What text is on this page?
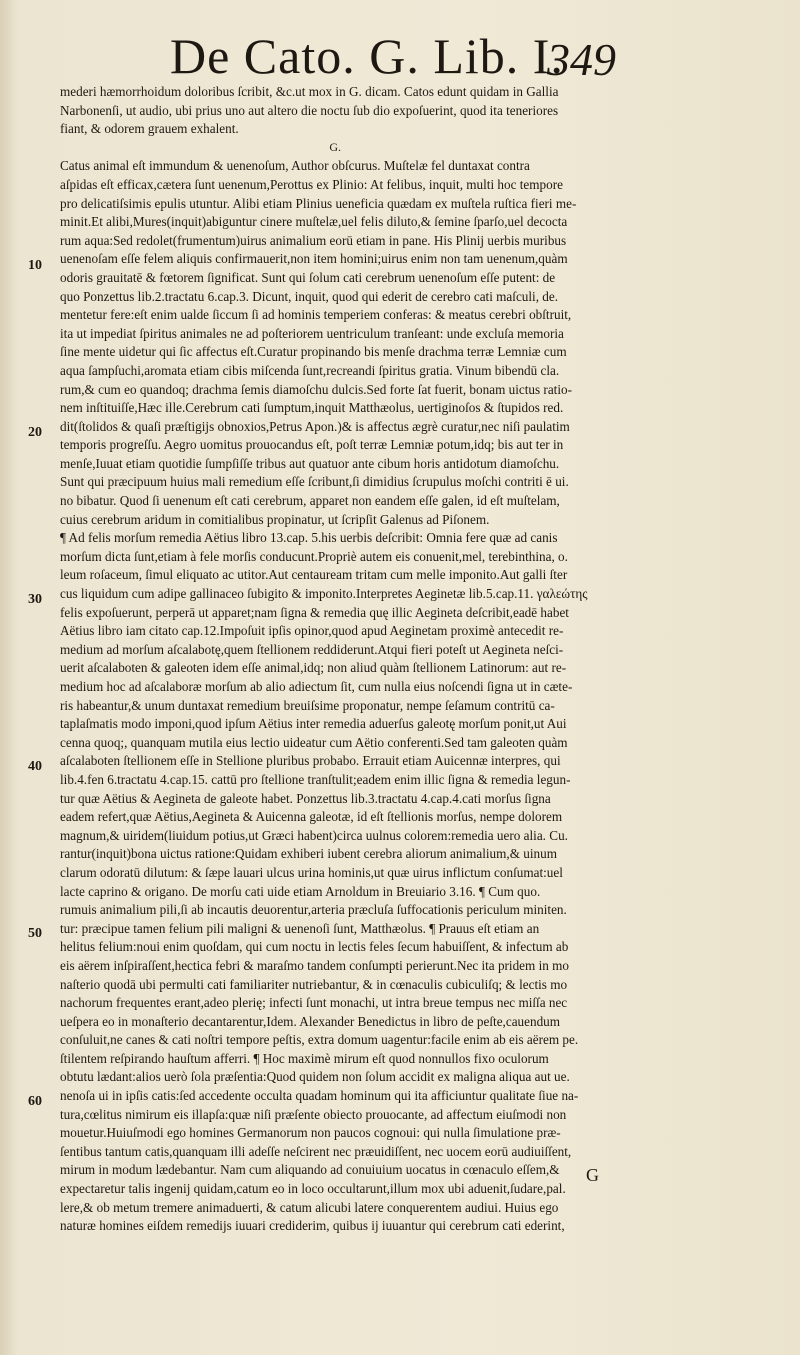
De Cato. G. Lib. I.
349
10
20
30
40
50
60
mederi hæmorrhoidum doloribus ſcribit, &c.ut mox in G. dicam. Catos edunt quidam in Gallia
Narbonenſi, ut audio, ubi prius uno aut altero die noctu ſub dio expoſuerint, quod ita teneriores
fiant, & odorem grauem exhalent.
Catus animal eſt immundum & uenenoſum, Author obſcurus. Muſtelæ fel duntaxat contra
aſpidas eſt efficax,cætera ſunt uenenum,Perottus ex Plinio: At felibus, inquit, multi hoc tempore
pro delicatiſsimis epulis utuntur. Alibi etiam Plinius ueneficia quædam ex muſtela ruſtica fieri me-
minit.Et alibi,Mures(inquit)abiguntur cinere muſtelæ,uel felis diluto,& ſemine ſparſo,uel decocta
rum aqua:Sed redolet(frumentum)uirus animalium eorū etiam in pane. His Plinij uerbis muribus
uenenoſam eſſe felem aliquis confirmauerit,non item homini;uirus enim non tam uenenum,quàm
odoris grauitatē & fœtorem ſignificat. Sunt qui ſolum cati cerebrum uenenoſum eſſe putent: de
quo Ponzettus lib.2.tractatu 6.cap.3. Dicunt, inquit, quod qui ederit de cerebro cati maſculi, de.
mentetur fere:eſt enim ualde ſiccum ſi ad hominis temperiem conferas: & meatus cerebri obſtruit,
ita ut impediat ſpiritus animales ne ad poſteriorem uentriculum tranſeant: unde excluſa memoria
ſine mente uidetur qui ſic affectus eſt.Curatur propinando bis menſe drachma terræ Lemniæ cum
aqua ſampſuchi,aromata etiam cibis miſcenda ſunt,recreandi ſpiritus gratia. Vinum bibendū cla.
rum,& cum eo quandoq; drachma ſemis diamoſchu dulcis.Sed forte ſat fuerit, bonam uictus ratio-
nem inſtituiſſe,Hæc ille.Cerebrum cati ſumptum,inquit Matthæolus, uertiginoſos & ſtupidos red.
dit(ſtolidos & quaſi præſtigijs obnoxios,Petrus Apon.)& is affectus ægrè curatur,nec niſi paulatim
temporis progreſſu. Aegro uomitus prouocandus eſt, poſt terræ Lemniæ potum,idq; bis aut ter in
menſe,Iuuat etiam quotidie ſumpſiſſe tribus aut quatuor ante cibum horis antidotum diamoſchu.
Sunt qui præcipuum huius mali remedium eſſe ſcribunt,ſi dimidius ſcrupulus moſchi contriti ē ui.
no bibatur. Quod ſi uenenum eſt cati cerebrum, apparet non eandem eſſe galen, id eſt muſtelam,
cuius cerebrum aridum in comitialibus propinatur, ut ſcripſit Galenus ad Piſonem.
¶ Ad felis morſum remedia Aëtius libro 13.cap. 5.his uerbis deſcribit: Omnia fere quæ ad canis
morſum dicta ſunt,etiam à fele morſis conducunt.Propriè autem eis conuenit,mel, terebinthina, o.
leum roſaceum, ſimul eliquato ac utitor.Aut centauream tritam cum melle imponito.Aut galli ſter
cus liquidum cum adipe gallinaceo ſubigito & imponito.Interpretes Aeginetæ lib.5.cap.11. γαλεώτης
felis expoſuerunt, perperā ut apparet;nam ſigna & remedia quę illic Aegineta deſcribit,eadē habet
Aëtius libro iam citato cap.12.Impoſuit ipſis opinor,quod apud Aeginetam proximè antecedit re-
medium ad morſum aſcalabotę,quem ſtellionem reddiderunt.Atqui fieri poteſt ut Aegineta neſci-
uerit aſcalaboten & galeoten idem eſſe animal,idq; non aliud quàm ſtellionem Latinorum: aut re-
medium hoc ad aſcalaboræ morſum ab alio adiectum ſit, cum nulla eius noſcendi ſigna ut in cæte-
ris habeantur,& unum duntaxat remedium breuiſsime proponatur, nempe ſeſamum contritū ca-
taplaſmatis modo imponi,quod ipſum Aëtius inter remedia aduerſus galeotę morſum ponit,ut Aui
cenna quoq;, quanquam mutila eius lectio uideatur cum Aëtio conferenti.Sed tam galeoten quàm
aſcalaboten ſtellionem eſſe in Stellione pluribus probabo. Errauit etiam Auicennæ interpres, qui
lib.4.fen 6.tractatu 4.cap.15. cattū pro ſtellione tranſtulit;eadem enim illic ſigna & remedia legun-
tur quæ Aëtius & Aegineta de galeote habet. Ponzettus lib.3.tractatu 4.cap.4.cati morſus ſigna
eadem refert,quæ Aëtius,Aegineta & Auicenna galeotæ, id eſt ſtellionis morſus, nempe dolorem
magnum,& uiridem(liuidum potius,ut Græci habent)circa uulnus colorem:remedia uero alia. Cu.
rantur(inquit)bona uictus ratione:Quidam exhiberi iubent cerebra aliorum animalium,& uinum
clarum odoratū dilutum: & ſæpe lauari ulcus urina hominis,ut quæ uirus inflictum conſumat:uel
lacte caprino & origano. De morſu cati uide etiam Arnoldum in Breuiario 3.16. ¶ Cum quo.
rumuis animalium pili,ſi ab incautis deuorentur,arteria præcluſa ſuffocationis periculum miniten.
tur: præcipue tamen felium pili maligni & uenenoſi ſunt, Matthæolus. ¶ Prauus eſt etiam an
helitus felium:noui enim quoſdam, qui cum noctu in lectis feles ſecum habuiſſent, & infectum ab
eis aërem inſpiraſſent,hectica febri & maraſmo tandem conſumpti perierunt.Nec ita pridem in mo
naſterio quodā ubi permulti cati familiariter nutriebantur, & in cœnaculis cubiculiſq; & lectis mo
nachorum frequentes erant,adeo plerię; infecti ſunt monachi, ut intra breue tempus nec miſſa nec
ueſpera eo in monaſterio decantarentur,Idem. Alexander Benedictus in libro de peſte,cauendum
conſuluit,ne canes & cati noſtri tempore peſtis, extra domum uagentur:facile enim ab eis aërem pe.
ſtilentem reſpirando hauſtum afferri. ¶ Hoc maximè mirum eſt quod nonnullos fixo oculorum
obtutu lædant:alios uerò ſola præſentia:Quod quidem non ſolum accidit ex maligna aliqua aut ue.
nenoſa ui in ipſis catis:ſed accedente occulta quadam hominum qui ita afficiuntur qualitate ſiue na-
tura,cœlitus nimirum eis illapſa:quæ niſi præſente obiecto prouocante, ad affectum eiuſmodi non
mouetur.Huiuſmodi ego homines Germanorum non paucos cognoui: qui nulla ſimulatione præ-
ſentibus tantum catis,quanquam illi adeſſe neſcirent nec præuidiſſent, nec uocem eorū audiuiſſent,
mirum in modum lædebantur. Nam cum aliquando ad conuiuium uocatus in cœnaculo eſſem,&
expectaretur talis ingenij quidam,catum eo in loco occultarunt,illum mox ubi aduenit,ſudare,pal.
lere,& ob metum tremere animaduerti, & catum alicubi latere conquerentem audiui. Huius ego
naturæ homines eiſdem remedijs iuuari crediderim, quibus ij iuuantur qui cerebrum cati ederint,
G.
G
